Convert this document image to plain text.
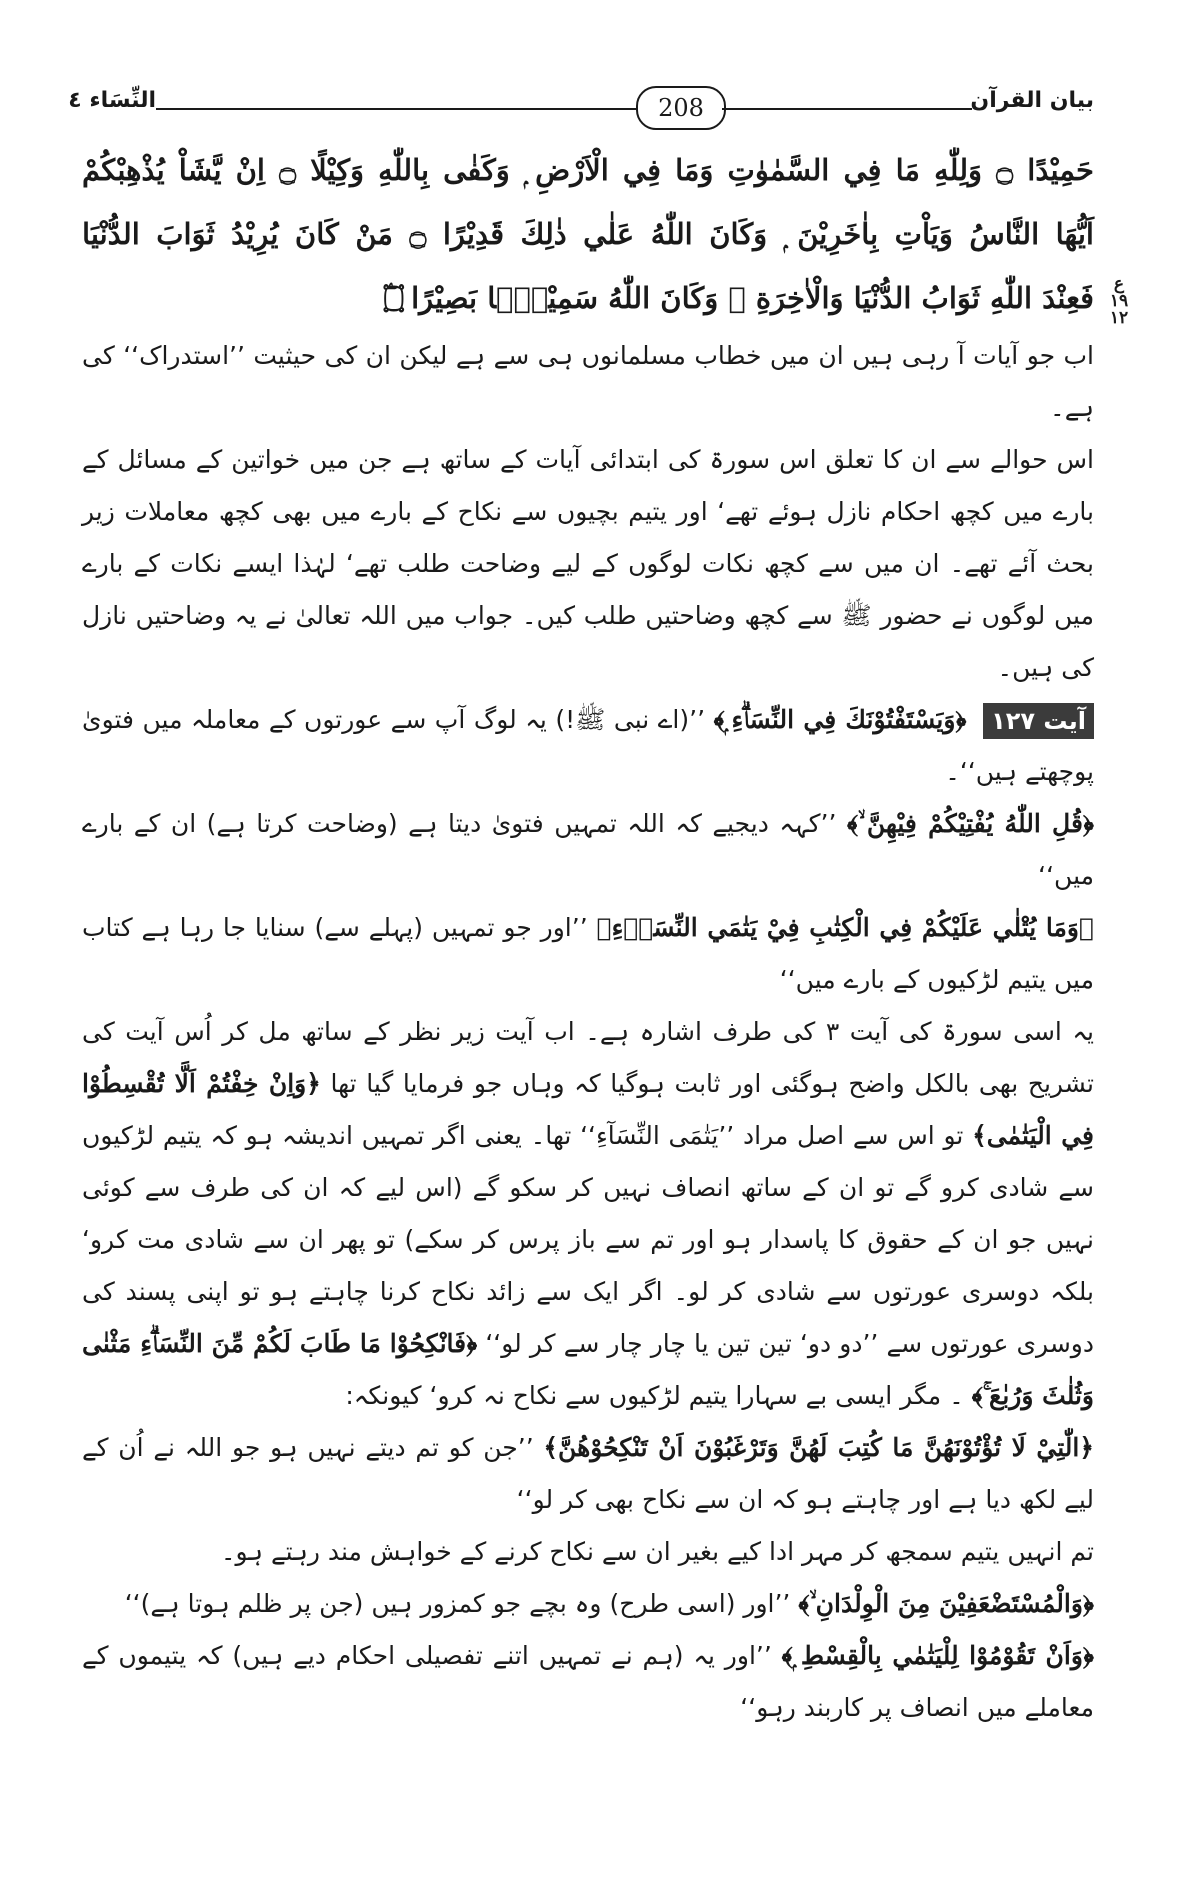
النِّسَاء ٤	208	بیان القرآن
حَمِيْدًا ۝ وَلِلّٰهِ مَا فِي السَّمٰوٰتِ وَمَا فِي الْاَرْضِ ۭ وَكَفٰى بِاللّٰهِ وَكِيْلًا ۝ اِنْ يَّشَاْ يُذْهِبْكُمْ
اَيُّهَا النَّاسُ وَيَاْتِ بِاٰخَرِيْنَ ۭ وَكَانَ اللّٰهُ عَلٰي ذٰلِكَ قَدِيْرًا ۝ مَنْ كَانَ يُرِيْدُ ثَوَابَ الدُّنْيَا
ع ١٩ ١٢
فَعِنْدَ اللّٰهِ ثَوَابُ الدُّنْيَا وَالْاٰخِرَةِ ۭ وَكَانَ اللّٰهُ سَمِيْعًۢا بَصِيْرًا ۝ۧ

اب جو آیات آ رہی ہیں ان میں خطاب مسلمانوں ہی سے ہے لیکن ان کی حیثیت ’’استدراک‘‘ کی ہے۔

اس حوالے سے ان کا تعلق اس سورۃ کی ابتدائی آیات کے ساتھ ہے جن میں خواتین کے مسائل کے بارے میں کچھ احکام نازل ہوئے تھے‘ اور یتیم بچیوں سے نکاح کے بارے میں بھی کچھ معاملات زیر بحث آئے تھے۔ ان میں سے کچھ نکات لوگوں کے لیے وضاحت طلب تھے‘ لہٰذا ایسے نکات کے بارے میں لوگوں نے حضور ﷺ سے کچھ وضاحتیں طلب کیں۔ جواب میں اللہ تعالیٰ نے یہ وضاحتیں نازل کی ہیں۔

آیت ۱۲۷ ﴿وَيَسْتَفْتُوْنَكَ فِي النِّسَاۗءِ ۭ﴾ ’’(اے نبی ﷺ!) یہ لوگ آپ سے عورتوں کے معاملہ میں فتویٰ پوچھتے ہیں‘‘۔

﴿قُلِ اللّٰهُ يُفْتِيْكُمْ فِيْهِنَّ ۙ﴾ ’’کہہ دیجیے کہ اللہ تمہیں فتویٰ دیتا ہے (وضاحت کرتا ہے) ان کے بارے میں‘‘

﴿وَمَا يُتْلٰي عَلَيْكُمْ فِي الْكِتٰبِ فِيْ يَتٰمَي النِّسَاۗءِ﴾ ’’اور جو تمہیں (پہلے سے) سنایا جا رہا ہے کتاب میں یتیم لڑکیوں کے بارے میں‘‘

یہ اسی سورۃ کی آیت ۳ کی طرف اشارہ ہے۔ اب آیت زیر نظر کے ساتھ مل کر اُس آیت کی تشریح بھی بالکل واضح ہوگئی اور ثابت ہوگیا کہ وہاں جو فرمایا گیا تھا ﴿وَاِنْ خِفْتُمْ اَلَّا تُقْسِطُوْا فِي الْيَتٰمٰى﴾ تو اس سے اصل مراد ’’یَتٰمَی النِّسَآءِ‘‘ تھا۔ یعنی اگر تمہیں اندیشہ ہو کہ یتیم لڑکیوں سے شادی کرو گے تو ان کے ساتھ انصاف نہیں کر سکو گے (اس لیے کہ ان کی طرف سے کوئی نہیں جو ان کے حقوق کا پاسدار ہو اور تم سے باز پرس کر سکے) تو پھر ان سے شادی مت کرو‘ بلکہ دوسری عورتوں سے شادی کر لو۔ اگر ایک سے زائد نکاح کرنا چاہتے ہو تو اپنی پسند کی دوسری عورتوں سے ’’دو دو‘ تین تین یا چار چار سے کر لو‘‘ ﴿فَانْكِحُوْا مَا طَابَ لَكُمْ مِّنَ النِّسَاۗءِ مَثْنٰى وَثُلٰثَ وَرُبٰعَ ۚ﴾ ۔ مگر ایسی بے سہارا یتیم لڑکیوں سے نکاح نہ کرو‘ کیونکہ:

﴿الّٰتِيْ لَا تُؤْتُوْنَهُنَّ مَا كُتِبَ لَهُنَّ وَتَرْغَبُوْنَ اَنْ تَنْكِحُوْهُنَّ﴾ ’’جن کو تم دیتے نہیں ہو جو اللہ نے اُن کے لیے لکھ دیا ہے اور چاہتے ہو کہ ان سے نکاح بھی کر لو‘‘

تم انہیں یتیم سمجھ کر مہر ادا کیے بغیر ان سے نکاح کرنے کے خواہش مند رہتے ہو۔

﴿وَالْمُسْتَضْعَفِيْنَ مِنَ الْوِلْدَانِ ۙ﴾ ’’اور (اسی طرح) وہ بچے جو کمزور ہیں (جن پر ظلم ہوتا ہے)‘‘

﴿وَاَنْ تَقُوْمُوْا لِلْيَتٰمٰي بِالْقِسْطِ ۭ﴾ ’’اور یہ (ہم نے تمہیں اتنے تفصیلی احکام دیے ہیں) کہ یتیموں کے معاملے میں انصاف پر کاربند رہو‘‘
